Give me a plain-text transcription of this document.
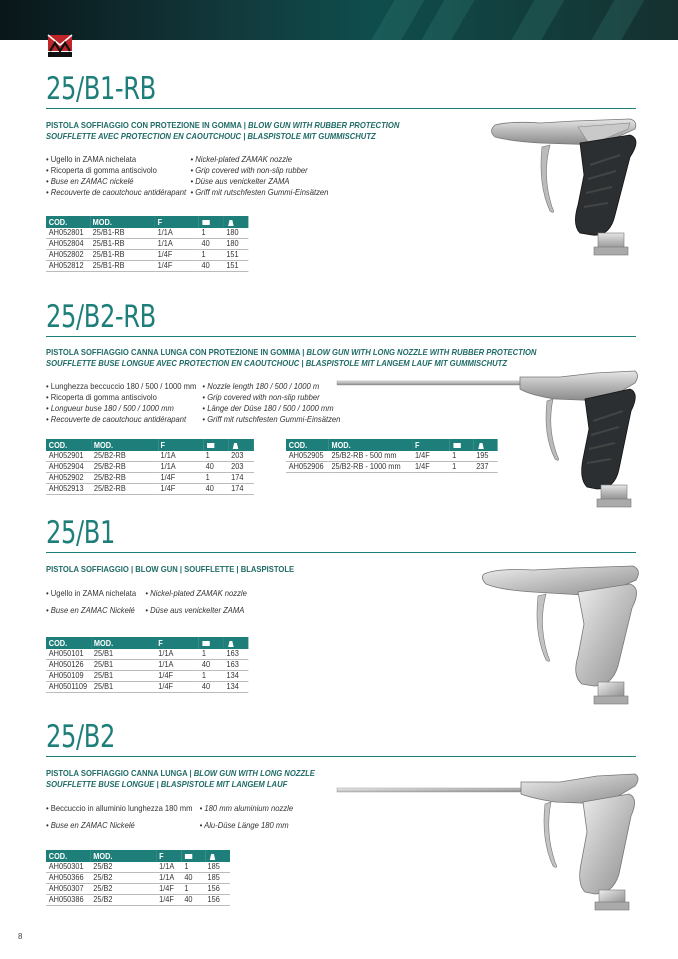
25/B1-RB
PISTOLA SOFFIAGGIO CON PROTEZIONE IN GOMMA | BLOW GUN WITH RUBBER PROTECTION
SOUFFLETTE AVEC PROTECTION EN CAOUTCHOUC | BLASPISTOLE MIT GUMMISCHUTZ
• Ugello in ZAMA nichelata	• Nickel-plated ZAMAK nozzle
• Ricoperta di gomma antiscivolo	• Grip covered with non-slip rubber
• Buse en ZAMAC nickelé	• Düse aus venickelter ZAMA
• Recouverte de caoutchouc antidérapant • Griff mit rutschfesten Gummi-Einsätzen
COD.	MOD.	F		
AH052801	25/B1-RB	1/1A	1	180
AH052804	25/B1-RB	1/1A	40	180
AH052802	25/B1-RB	1/4F	1	151
AH052812	25/B1-RB	1/4F	40	151
25/B2-RB
PISTOLA SOFFIAGGIO CANNA LUNGA CON PROTEZIONE IN GOMMA | BLOW GUN WITH LONG NOZZLE WITH RUBBER PROTECTION
SOUFFLETTE BUSE LONGUE AVEC PROTECTION EN CAOUTCHOUC | BLASPISTOLE MIT LANGEM LAUF MIT GUMMISCHUTZ
• Lunghezza beccuccio 180 / 500 / 1000 mm • Nozzle length 180 / 500 / 1000 m
• Ricoperta di gomma antiscivolo	• Grip covered with non-slip rubber
• Longueur buse 180 / 500 / 1000 mm	• Länge der Düse 180 / 500 / 1000 mm
• Recouverte de caoutchouc antidérapant • Griff mit rutschfesten Gummi-Einsätzen
COD.	MOD.	F		
AH052901	25/B2-RB	1/1A	1	203
AH052904	25/B2-RB	1/1A	40	203
AH052902	25/B2-RB	1/4F	1	174
AH052913	25/B2-RB	1/4F	40	174
COD.	MOD.	F		
AH052905	25/B2-RB - 500 mm	1/4F	1	195
AH052906	25/B2-RB - 1000 mm	1/4F	1	237
25/B1
PISTOLA SOFFIAGGIO | BLOW GUN | SOUFFLETTE | BLASPISTOLE
• Ugello in ZAMA nichelata • Nickel-plated ZAMAK nozzle
• Buse en ZAMAC Nickelé • Düse aus venickelter ZAMA
COD.	MOD.	F		
AH050101	25/B1	1/1A	1	163
AH050126	25/B1	1/1A	40	163
AH050109	25/B1	1/4F	1	134
AH0501109	25/B1	1/4F	40	134
25/B2
PISTOLA SOFFIAGGIO CANNA LUNGA | BLOW GUN WITH LONG NOZZLE
SOUFFLETTE BUSE LONGUE | BLASPISTOLE MIT LANGEM LAUF
• Beccuccio in alluminio lunghezza 180 mm • 180 mm aluminium nozzle
• Buse en ZAMAC Nickelé	• Alu-Düse Länge 180 mm
COD.	MOD.	F		
AH050301	25/B2	1/1A	1	185
AH050366	25/B2	1/1A	40	185
AH050307	25/B2	1/4F	1	156
AH050386	25/B2	1/4F	40	156
8
